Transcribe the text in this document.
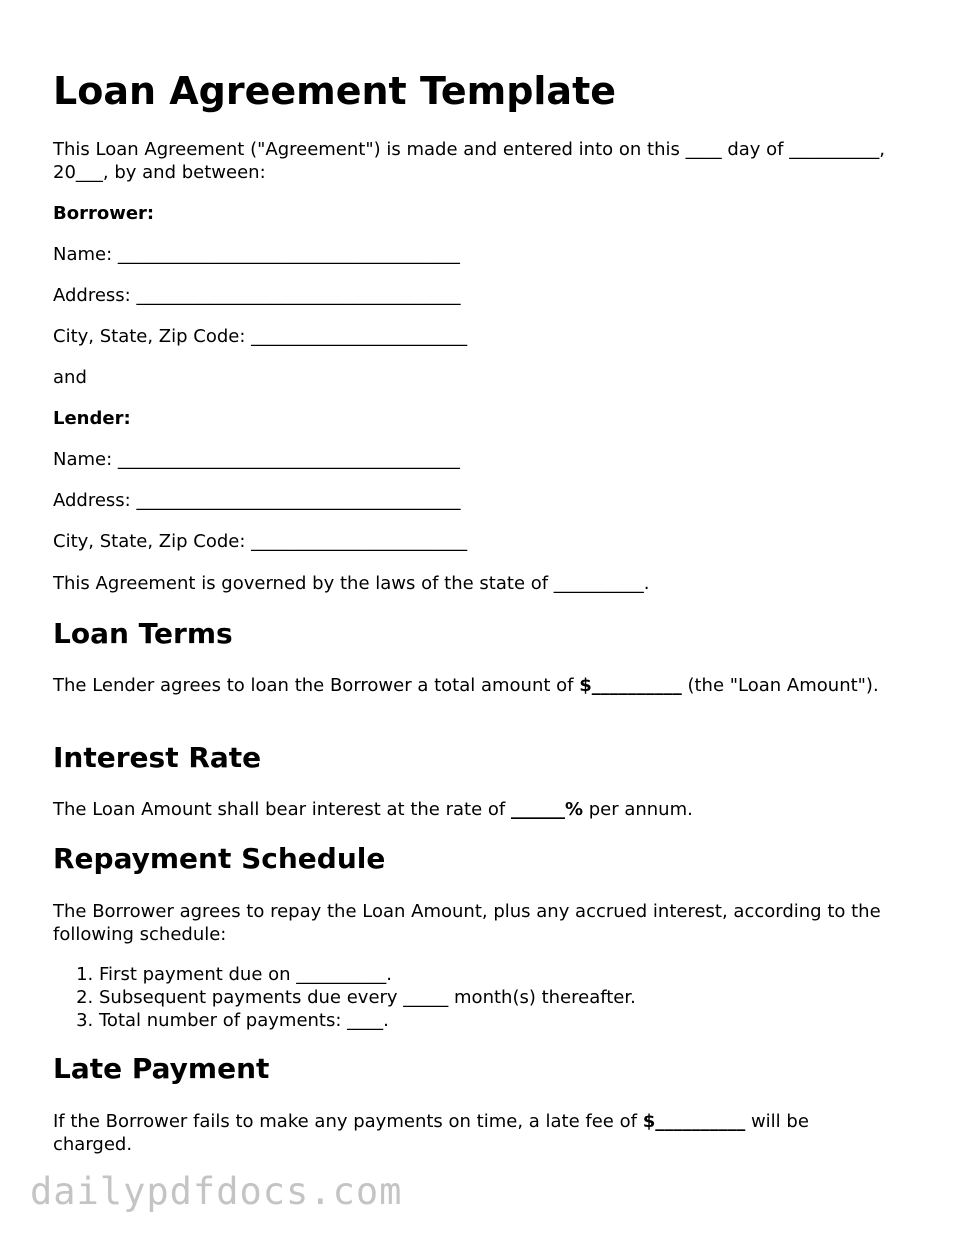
Loan Agreement Template

This Loan Agreement ("Agreement") is made and entered into on this ____ day of __________, 20___, by and between:

Borrower:

Name: ______________________________________

Address: ____________________________________

City, State, Zip Code: ________________________

and

Lender:

Name: ______________________________________

Address: ____________________________________

City, State, Zip Code: ________________________

This Agreement is governed by the laws of the state of __________.

Loan Terms

The Lender agrees to loan the Borrower a total amount of $__________ (the "Loan Amount").

Interest Rate

The Loan Amount shall bear interest at the rate of ______% per annum.

Repayment Schedule

The Borrower agrees to repay the Loan Amount, plus any accrued interest, according to the following schedule:

1. First payment due on __________.
2. Subsequent payments due every _____ month(s) thereafter.
3. Total number of payments: ____.
Late Payment

If the Borrower fails to make any payments on time, a late fee of $__________ will be charged.

dailypdfdocs.com
